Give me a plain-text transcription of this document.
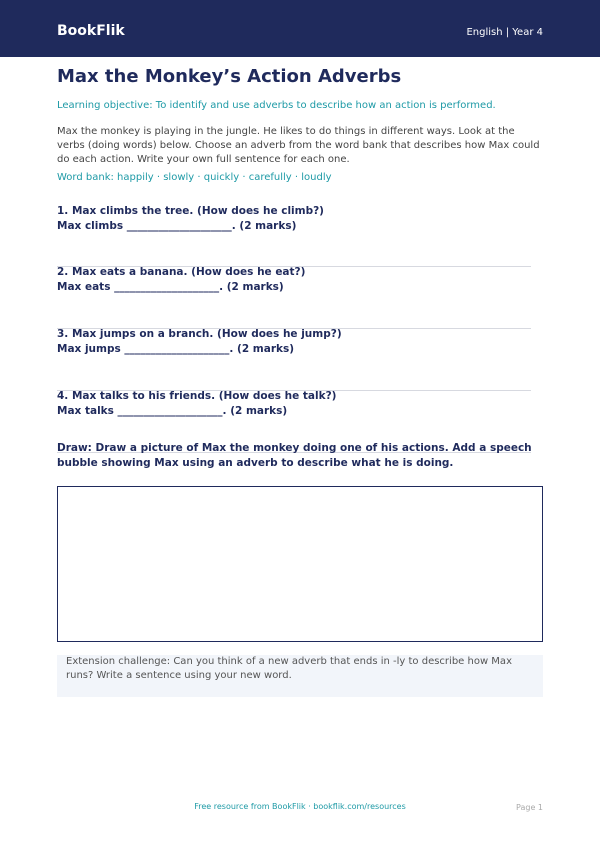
BookFlik	English | Year 4
Max the Monkey’s Action Adverbs

Learning objective: To identify and use adverbs to describe how an action is performed.

Max the monkey is playing in the jungle. He likes to do things in different ways. Look at the verbs (doing words) below. Choose an adverb from the word bank that describes how Max could do each action. Write your own full sentence for each one.

Word bank: happily · slowly · quickly · carefully · loudly

1. Max climbs the tree. (How does he climb?)

Max climbs ____________________. (2 marks)

2. Max eats a banana. (How does he eat?)

Max eats ____________________. (2 marks)

3. Max jumps on a branch. (How does he jump?)

Max jumps ____________________. (2 marks)

4. Max talks to his friends. (How does he talk?)

Max talks ____________________. (2 marks)

Draw: Draw a picture of Max the monkey doing one of his actions. Add a speech bubble showing Max using an adverb to describe what he is doing.

Extension challenge: Can you think of a new adverb that ends in -ly to describe how Max runs? Write a sentence using your new word.

Free resource from BookFlik · bookflik.com/resources	Page 1
